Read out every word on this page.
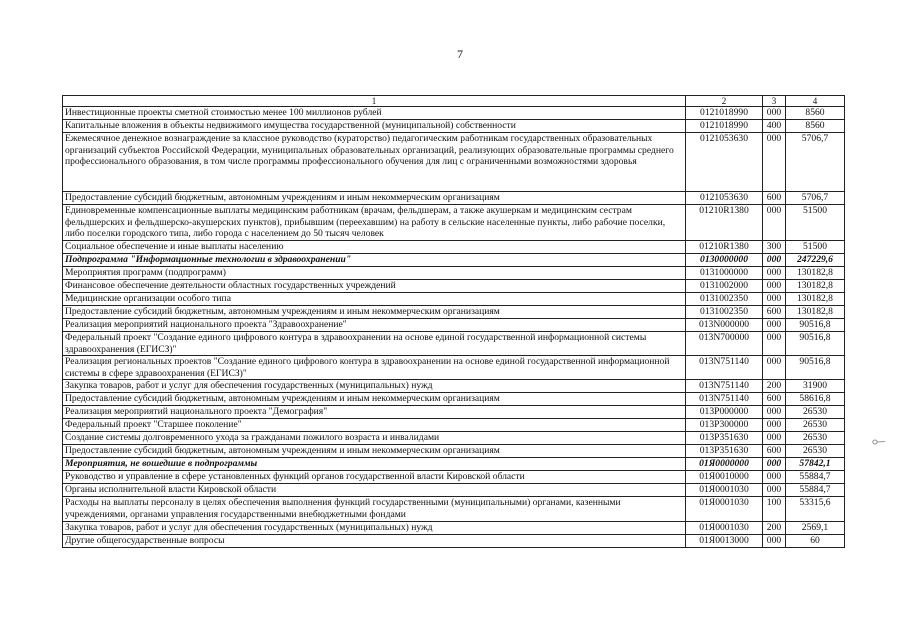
7
1	2	3	4
Инвестиционные проекты сметной стоимостью менее 100 миллионов рублей	0121018990	000	8560
Капитальные вложения в объекты недвижимого имущества государственной (муниципальной) собственности	0121018990	400	8560
Ежемесячное денежное вознаграждение за классное руководство (кураторство) педагогическим работникам государственных образовательных организаций субъектов Российской Федерации, муниципальных образовательных организаций, реализующих образовательные программы среднего профессионального образования, в том числе программы профессионального обучения для лиц с ограниченными возможностями здоровья	0121053630	000	5706,7
Предоставление субсидий бюджетным, автономным учреждениям и иным некоммерческим организациям	0121053630	600	5706,7
Единовременные компенсационные выплаты медицинским работникам (врачам, фельдшерам, а также акушеркам и медицинским сестрам фельдшерских и фельдшерско-акушерских пунктов), прибывшим (переехавшим) на работу в сельские населенные пункты, либо рабочие поселки, либо поселки городского типа, либо города с населением до 50 тысяч человек	01210R1380	000	51500
Социальное обеспечение и иные выплаты населению	01210R1380	300	51500
Подпрограмма "Информационные технологии в здравоохранении"	0130000000	000	247229,6
Мероприятия программ (подпрограмм)	0131000000	000	130182,8
Финансовое обеспечение деятельности областных государственных учреждений	0131002000	000	130182,8
Медицинские организации особого типа	0131002350	000	130182,8
Предоставление субсидий бюджетным, автономным учреждениям и иным некоммерческим организациям	0131002350	600	130182,8
Реализация мероприятий национального проекта "Здравоохранение"	013N000000	000	90516,8
Федеральный проект "Создание единого цифрового контура в здравоохранении на основе единой государственной информационной системы здравоохранения (ЕГИСЗ)"	013N700000	000	90516,8
Реализация региональных проектов "Создание единого цифрового контура в здравоохранении на основе единой государственной информационной системы в сфере здравоохранения (ЕГИСЗ)"	013N751140	000	90516,8
Закупка товаров, работ и услуг для обеспечения государственных (муниципальных) нужд	013N751140	200	31900
Предоставление субсидий бюджетным, автономным учреждениям и иным некоммерческим организациям	013N751140	600	58616,8
Реализация мероприятий национального проекта "Демография"	013P000000	000	26530
Федеральный проект "Старшее поколение"	013P300000	000	26530
Создание системы долговременного ухода за гражданами пожилого возраста и инвалидами	013P351630	000	26530
Предоставление субсидий бюджетным, автономным учреждениям и иным некоммерческим организациям	013P351630	600	26530
Мероприятия, не вошедшие в подпрограммы	01Я0000000	000	57842,1
Руководство и управление в сфере установленных функций органов государственной власти Кировской области	01Я0010000	000	55884,7
Органы исполнительной власти Кировской области	01Я0001030	000	55884,7
Расходы на выплаты персоналу в целях обеспечения выполнения функций государственными (муниципальными) органами, казенными учреждениями, органами управления государственными внебюджетными фондами	01Я0001030	100	53315,6
Закупка товаров, работ и услуг для обеспечения государственных (муниципальных) нужд	01Я0001030	200	2569,1
Другие общегосударственные вопросы	01Я0013000	000	60
